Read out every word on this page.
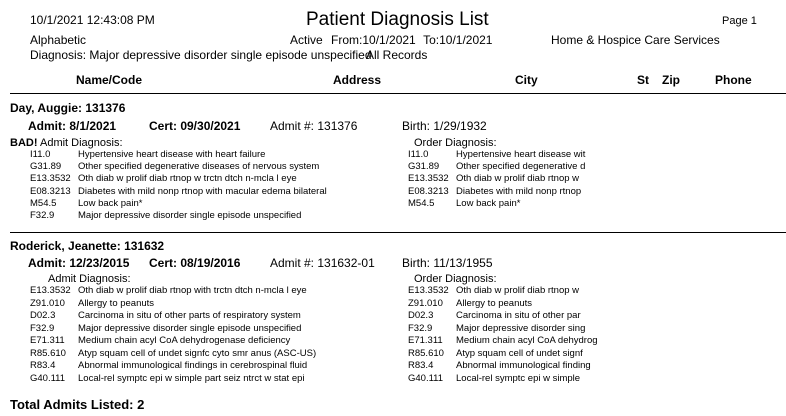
10/1/2021 12:43:08 PM	Patient Diagnosis List	Page 1
Alphabetic	Active From:10/1/2021 To:10/1/2021	Home & Hospice Care Services
Diagnosis: Major depressive disorder single episode unspecified
All Records
Name/Code	Address	City	St Zip	Phone
Day, Auggie: 131376
Admit: 8/1/2021	Cert: 09/30/2021 Admit #: 131376	Birth: 1/29/1932
BAD! Admit Diagnosis:	Order Diagnosis:
I11.0	Hypertensive heart disease with heart failure
G31.89 Other specified degenerative diseases of nervous system
E13.3532 Oth diab w prolif diab rtnop w trctn dtch n-mcla l eye
E08.3213 Diabetes with mild nonp rtnop with macular edema bilateral
M54.5 Low back pain*
F32.9 Major depressive disorder single episode unspecified
I11.0	Hypertensive heart disease wit
G31.89 Other specified degenerative d
E13.3532 Oth diab w prolif diab rtnop w
E08.3213 Diabetes with mild nonp rtnop
M54.5 Low back pain*
Roderick, Jeanette: 131632
Admit: 12/23/2015 Cert: 08/19/2016 Admit #: 131632-01 Birth: 11/13/1955
Admit Diagnosis:	Order Diagnosis:
E13.3532 Oth diab w prolif diab rtnop with trctn dtch n-mcla l eye
Z91.010 Allergy to peanuts
D02.3 Carcinoma in situ of other parts of respiratory system
F32.9 Major depressive disorder single episode unspecified
E71.311 Medium chain acyl CoA dehydrogenase deficiency
R85.610 Atyp squam cell of undet signfc cyto smr anus (ASC-US)
R83.4 Abnormal immunological findings in cerebrospinal fluid
G40.111 Local-rel symptc epi w simple part seiz ntrct w stat epi
E13.3532 Oth diab w prolif diab rtnop w
Z91.010 Allergy to peanuts
D02.3 Carcinoma in situ of other par
F32.9 Major depressive disorder sing
E71.311 Medium chain acyl CoA dehydrog
R85.610 Atyp squam cell of undet signf
R83.4 Abnormal immunological finding
G40.111 Local-rel symptc epi w simple
Total Admits Listed: 2
